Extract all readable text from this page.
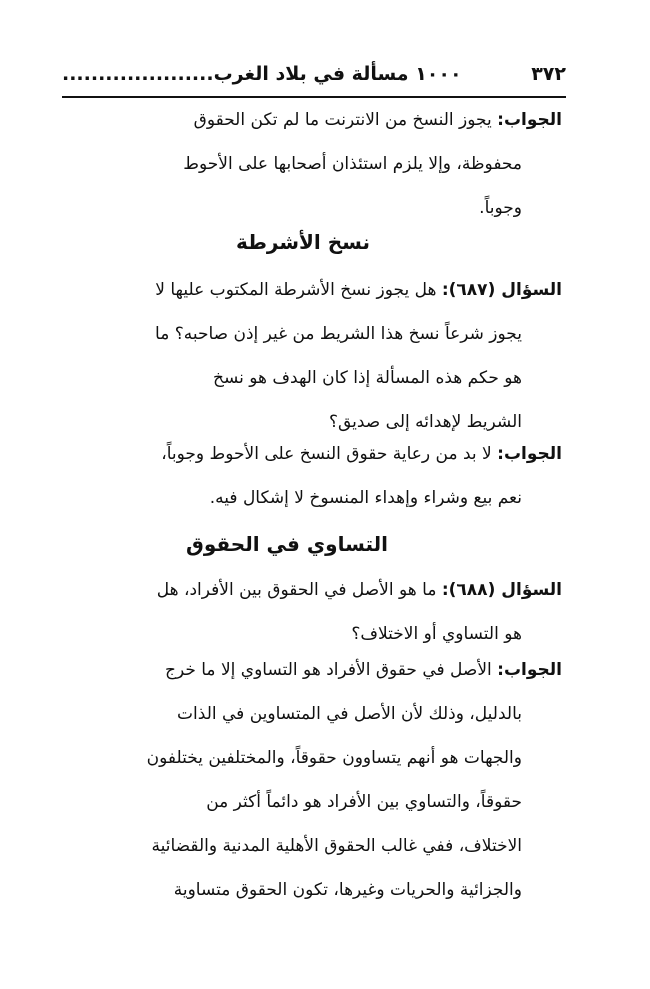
٣٧٢
١٠٠٠ مسألة في بلاد الغرب.....................
الجواب: يجوز النسخ من الانترنت ما لم تكن الحقوق
محفوظة، وإلا يلزم استئذان أصحابها على الأحوط
وجوباً.
نسخ الأشرطة
السؤال (٦٨٧): هل يجوز نسخ الأشرطة المكتوب عليها لا
يجوز شرعاً نسخ هذا الشريط من غير إذن صاحبه؟ ما
هو حكم هذه المسألة إذا كان الهدف هو نسخ
الشريط لإهدائه إلى صديق؟
الجواب: لا بد من رعاية حقوق النسخ على الأحوط وجوباً،
نعم بيع وشراء وإهداء المنسوخ لا إشكال فيه.
التساوي في الحقوق
السؤال (٦٨٨): ما هو الأصل في الحقوق بين الأفراد، هل
هو التساوي أو الاختلاف؟
الجواب: الأصل في حقوق الأفراد هو التساوي إلا ما خرج
بالدليل، وذلك لأن الأصل في المتساوين في الذات
والجهات هو أنهم يتساوون حقوقاً، والمختلفين يختلفون
حقوقاً، والتساوي بين الأفراد هو دائماً أكثر من
الاختلاف، ففي غالب الحقوق الأهلية المدنية والقضائية
والجزائية والحريات وغيرها، تكون الحقوق متساوية
